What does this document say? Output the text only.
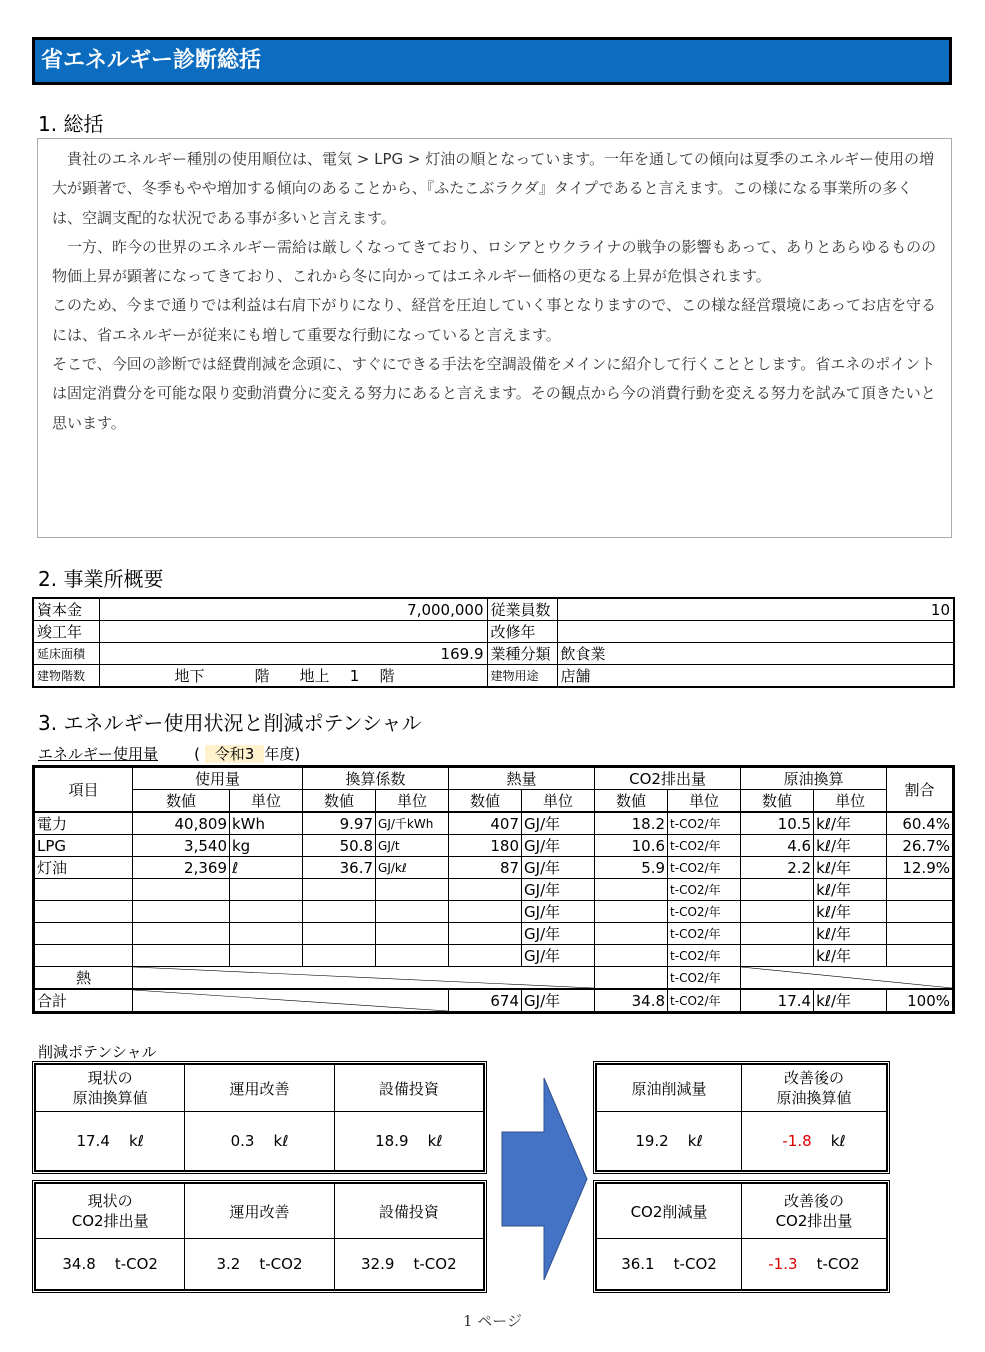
省エネルギー診断総括
1. 総括

　貴社のエネルギー種別の使用順位は、電気 > LPG > 灯油の順となっています。一年を通しての傾向は夏季のエネルギー使用の増大が顕著で、冬季もやや増加する傾向のあることから、『ふたこぶラクダ』タイプであると言えます。この様になる事業所の多くは、空調支配的な状況である事が多いと言えます。

　一方、昨今の世界のエネルギー需給は厳しくなってきており、ロシアとウクライナの戦争の影響もあって、ありとあらゆるものの物価上昇が顕著になってきており、これから冬に向かってはエネルギー価格の更なる上昇が危惧されます。

このため、今まで通りでは利益は右肩下がりになり、経営を圧迫していく事となりますので、この様な経営環境にあってお店を守るには、省エネルギーが従来にも増して重要な行動になっていると言えます。

そこで、今回の診断では経費削減を念頭に、すぐにできる手法を空調設備をメインに紹介して行くこととします。省エネのポイントは固定消費分を可能な限り変動消費分に変える努力にあると言えます。その観点から今の消費行動を変える努力を試みて頂きたいと思います。

2. 事業所概要
資本金	7,000,000	従業員数	10
竣工年		改修年	
延床面積	169.9	業種分類	飲食業
建物階数	地下 階 地上 1 階	建物用途	店舗
3. エネルギー使用状況と削減ポテンシャル
エネルギー使用量 ( 令和3 年度)
項目	使用量		換算係数		熱量		CO2排出量		原油換算		割合
	数値	単位	数値	単位	数値	単位	数値	単位	数値	単位	
電力	40,809	kWh	9.97	GJ/千kWh	407	GJ/年	18.2	t-CO2/年	10.5	kℓ/年	60.4%
LPG	3,540	kg	50.8	GJ/t	180	GJ/年	10.6	t-CO2/年	4.6	kℓ/年	26.7%
灯油	2,369	ℓ	36.7	GJ/kℓ	87	GJ/年	5.9	t-CO2/年	2.2	kℓ/年	12.9%
						GJ/年		t-CO2/年		kℓ/年	
						GJ/年		t-CO2/年		kℓ/年	
						GJ/年		t-CO2/年		kℓ/年	
						GJ/年		t-CO2/年		kℓ/年	
熱								t-CO2/年	

合計					674	GJ/年	34.8	t-CO2/年	17.4	kℓ/年	100%
削減ポテンシャル
現状の
原油換算値	運用改善	設備投資
17.4 kℓ	0.3 kℓ	18.9 kℓ
現状の
CO2排出量	運用改善	設備投資
34.8 t-CO2	3.2 t-CO2	32.9 t-CO2
原油削減量	改善後の
原油換算値
19.2 kℓ	-1.8 kℓ
CO2削減量	改善後の
CO2排出量
36.1 t-CO2	-1.3 t-CO2
1 ページ
